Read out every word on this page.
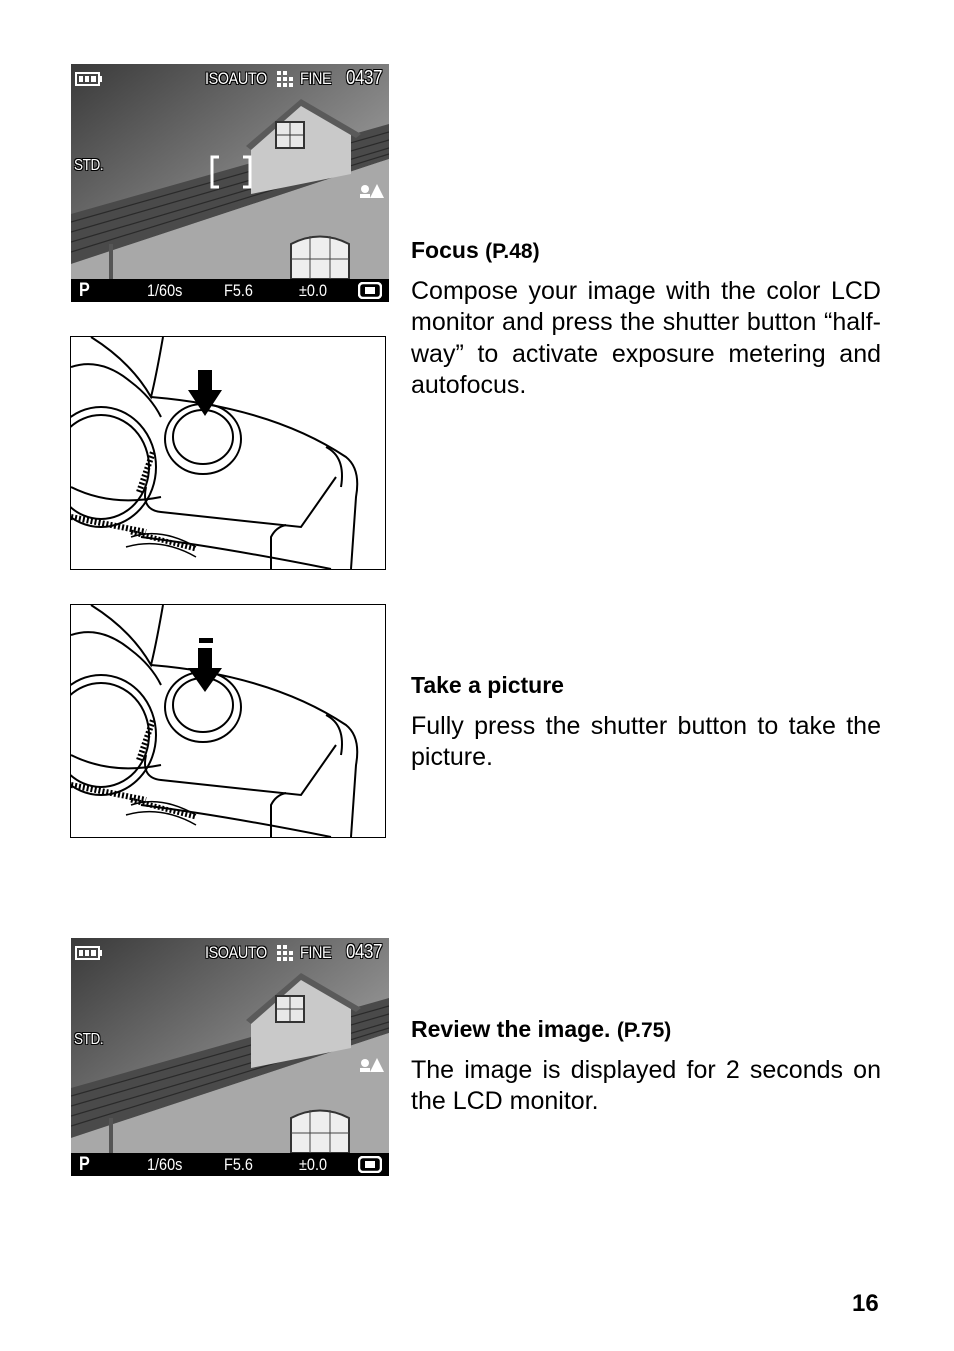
ISOAUTO FINE 0437
STD.
P	1/60s F5.6	±0.0
ISOAUTO FINE 0437
STD.
P	1/60s F5.6	±0.0
Focus (P.48)
Compose your image with the color LCD monitor and press the shutter button “half-way” to activate exposure metering and autofocus.
Take a picture
Fully press the shutter button to take the picture.
Review the image. (P.75)
The image is displayed for 2 seconds on the LCD monitor.
16
